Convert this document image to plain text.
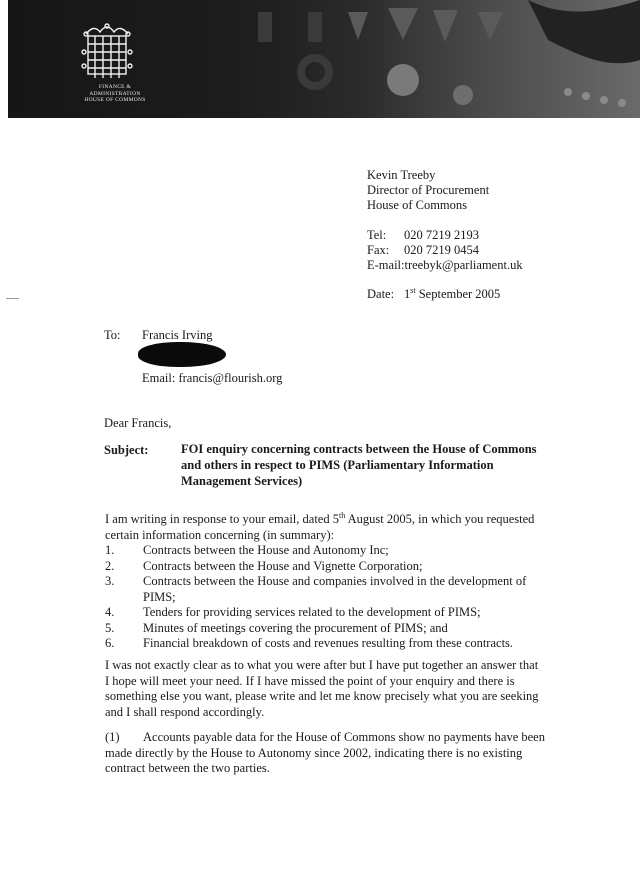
FINANCE &
ADMINISTRATION
HOUSE OF COMMONS
Kevin Treeby
Director of Procurement
House of Commons
Tel:	020 7219 2193
Fax:	020 7219 0454
E-mail:treebyk@parliament.uk
Date: 1st September 2005
To: Francis Irving
Email: francis@flourish.org
Dear Francis,
Subject:	FOI enquiry concerning contracts between the House of Commons and others in respect to PIMS (Parliamentary Information Management Services)
I am writing in response to your email, dated 5th August 2005, in which you requested certain information concerning (in summary):
1.	Contracts between the House and Autonomy Inc;
2.	Contracts between the House and Vignette Corporation;
3.	Contracts between the House and companies involved in the development of PIMS;
4.	Tenders for providing services related to the development of PIMS;
5.	Minutes of meetings covering the procurement of PIMS; and
6.	Financial breakdown of costs and revenues resulting from these contracts.
I was not exactly clear as to what you were after but I have put together an answer that I hope will meet your need. If I have missed the point of your enquiry and there is something else you want, please write and let me know precisely what you are seeking and I shall respond accordingly.
(1) Accounts payable data for the House of Commons show no payments have been made directly by the House to Autonomy since 2002, indicating there is no existing contract between the two parties.
